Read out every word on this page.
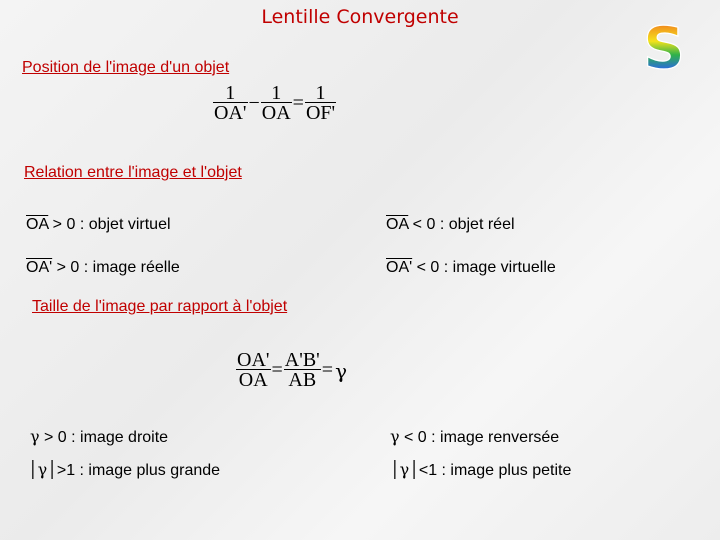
Lentille Convergente	S
Position de l'image d'un objet
$\frac{1}{OA'} - \frac{1}{OA} = \frac{1}{OF'}$
Relation entre l'image et l'objet
$\overline{OA} > 0$ : objet virtuel	$\overline{OA} < 0$ : objet réel
OA' > 0 : image réelle	OA' < 0 : image virtuelle
Taille de l'image par rapport à l'objet
$\frac{OA'}{OA} = \frac{A'B'}{AB} = \gamma$
γ > 0 : image droite	γ < 0 : image renversée
│γ│>1 : image plus grande	│γ│<1 : image plus petite
